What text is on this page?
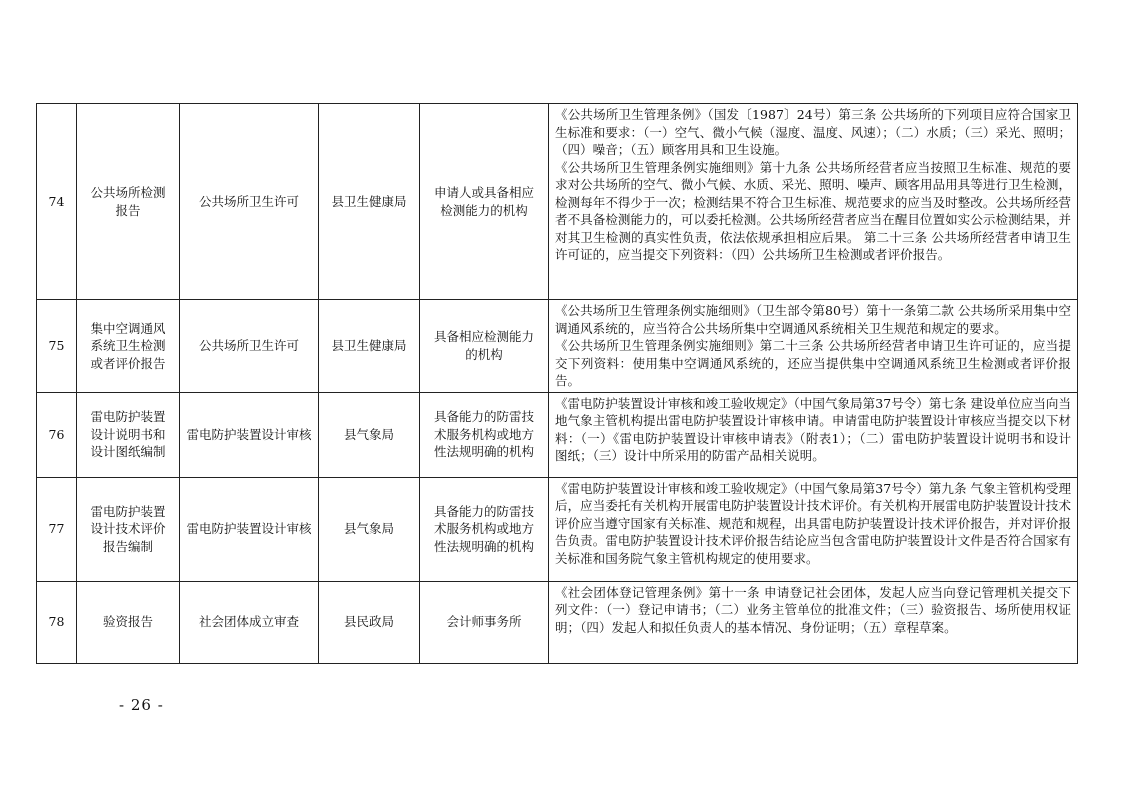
74	公共场所检测报告	公共场所卫生许可	县卫生健康局	申请人或具备相应检测能力的机构	《公共场所卫生管理条例》（国发〔1987〕24号）第三条 公共场所的下列项目应符合国家卫生标准和要求：（一）空气、微小气候（湿度、温度、风速）；（二）水质；（三）采光、照明；（四）噪音；（五）顾客用具和卫生设施。

《公共场所卫生管理条例实施细则》第十九条 公共场所经营者应当按照卫生标准、规范的要求对公共场所的空气、微小气候、水质、采光、照明、噪声、顾客用品用具等进行卫生检测，检测每年不得少于一次；检测结果不符合卫生标准、规范要求的应当及时整改。公共场所经营者不具备检测能力的，可以委托检测。公共场所经营者应当在醒目位置如实公示检测结果，并对其卫生检测的真实性负责，依法依规承担相应后果。 第二十三条 公共场所经营者申请卫生许可证的，应当提交下列资料：（四）公共场所卫生检测或者评价报告。

75	集中空调通风系统卫生检测或者评价报告	公共场所卫生许可	县卫生健康局	具备相应检测能力的机构	《公共场所卫生管理条例实施细则》（卫生部令第80号）第十一条第二款 公共场所采用集中空调通风系统的，应当符合公共场所集中空调通风系统相关卫生规范和规定的要求。

《公共场所卫生管理条例实施细则》第二十三条 公共场所经营者申请卫生许可证的，应当提交下列资料：使用集中空调通风系统的，还应当提供集中空调通风系统卫生检测或者评价报告。

76	雷电防护装置设计说明书和设计图纸编制	雷电防护装置设计审核	县气象局	具备能力的防雷技术服务机构或地方性法规明确的机构	《雷电防护装置设计审核和竣工验收规定》（中国气象局第37号令）第七条 建设单位应当向当地气象主管机构提出雷电防护装置设计审核申请。申请雷电防护装置设计审核应当提交以下材料：（一）《雷电防护装置设计审核申请表》（附表1）；（二）雷电防护装置设计说明书和设计图纸；（三）设计中所采用的防雷产品相关说明。

77	雷电防护装置设计技术评价报告编制	雷电防护装置设计审核	县气象局	具备能力的防雷技术服务机构或地方性法规明确的机构	《雷电防护装置设计审核和竣工验收规定》（中国气象局第37号令）第九条 气象主管机构受理后，应当委托有关机构开展雷电防护装置设计技术评价。有关机构开展雷电防护装置设计技术评价应当遵守国家有关标准、规范和规程，出具雷电防护装置设计技术评价报告，并对评价报告负责。雷电防护装置设计技术评价报告结论应当包含雷电防护装置设计文件是否符合国家有关标准和国务院气象主管机构规定的使用要求。

78	验资报告	社会团体成立审查	县民政局	会计师事务所	《社会团体登记管理条例》第十一条 申请登记社会团体，发起人应当向登记管理机关提交下列文件：（一）登记申请书；（二）业务主管单位的批准文件；（三）验资报告、场所使用权证明；（四）发起人和拟任负责人的基本情况、身份证明；（五）章程草案。

- 26 -
